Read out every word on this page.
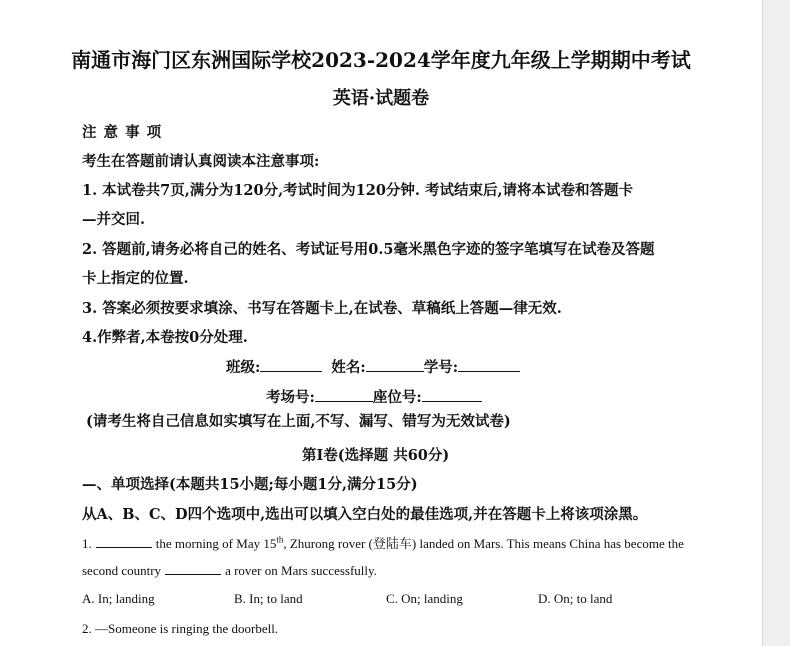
南通市海门区东洲国际学校2023-2024学年度九年级上学期期中考试
英语·试题卷
注 意 事 项
考生在答题前请认真阅读本注意事项:
1. 本试卷共7页,满分为120分,考试时间为120分钟. 考试结束后,请将本试卷和答题卡
—并交回.
2. 答题前,请务必将自己的姓名、考试证号用0.5毫米黑色字迹的签字笔填写在试卷及答题
卡上指定的位置.
3. 答案必须按要求填涂、书写在答题卡上,在试卷、草稿纸上答题—律无效.
4.作弊者,本卷按0分处理.
班级:	姓名:	学号:
考场号:	座位号:
(请考生将自己信息如实填写在上面,不写、漏写、错写为无效试卷)
第Ⅰ卷(选择题 共60分)
—、单项选择(本题共15小题;每小题1分,满分15分)
从A、B、C、D四个选项中,选出可以填入空白处的最佳选项,并在答题卡上将该项涂黑。
1.	the morning of May 15th, Zhurong rover (登陆车) landed on Mars. This means China has become the
second country	a rover on Mars successfully.
A. In; landing	B. In; to land	C. On; landing	D. On; to land
2. —Someone is ringing the doorbell.
